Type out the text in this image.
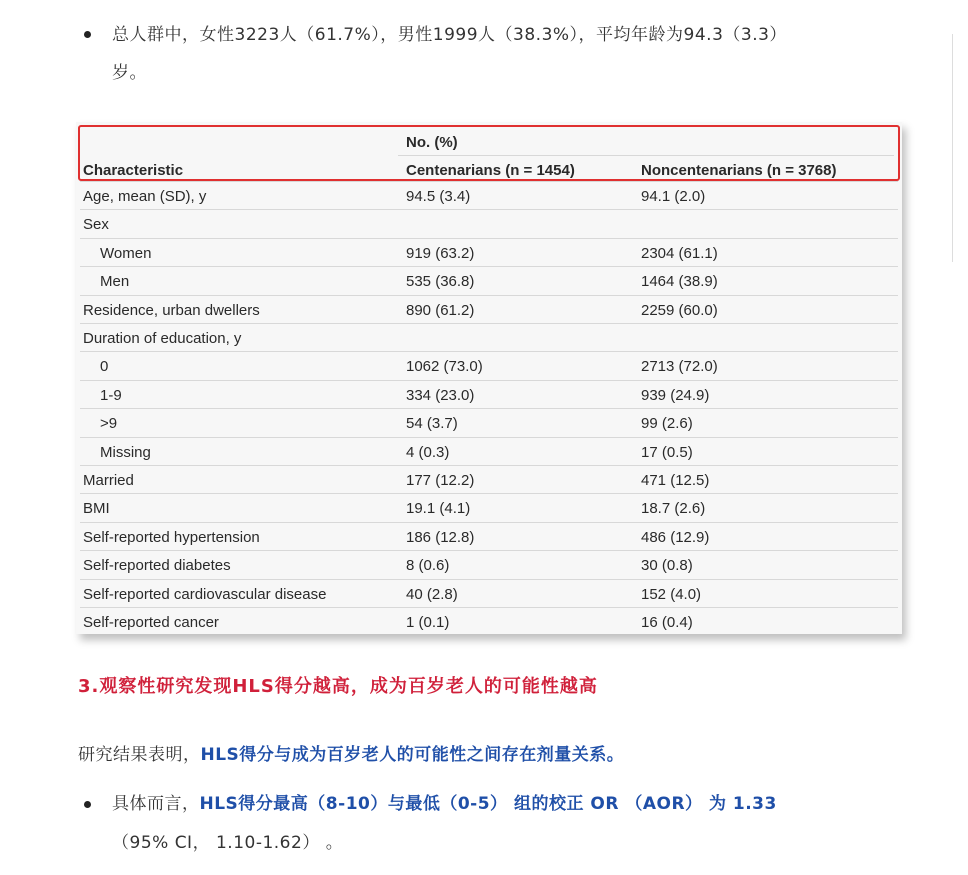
总人群中，女性3223人（61.7%），男性1999人（38.3%），平均年龄为94.3（3.3）
岁。
No. (%)
Characteristic	Centenarians (n = 1454)	Noncentenarians (n = 3768)
Age, mean (SD), y	94.5 (3.4)	94.1 (2.0)
Sex
Women	919 (63.2)	2304 (61.1)
Men	535 (36.8)	1464 (38.9)
Residence, urban dwellers	890 (61.2)	2259 (60.0)
Duration of education, y
0	1062 (73.0)	2713 (72.0)
1-9	334 (23.0)	939 (24.9)
>9	54 (3.7)	99 (2.6)
Missing	4 (0.3)	17 (0.5)
Married	177 (12.2)	471 (12.5)
BMI	19.1 (4.1)	18.7 (2.6)
Self-reported hypertension	186 (12.8)	486 (12.9)
Self-reported diabetes	8 (0.6)	30 (0.8)
Self-reported cardiovascular disease	40 (2.8)	152 (4.0)
Self-reported cancer	1 (0.1)	16 (0.4)
3.观察性研究发现HLS得分越高，成为百岁老人的可能性越高
研究结果表明，HLS得分与成为百岁老人的可能性之间存在剂量关系。
具体而言，HLS得分最高（8-10）与最低（0-5） 组的校正 OR （AOR） 为 1.33
（95% CI， 1.10-1.62） 。
